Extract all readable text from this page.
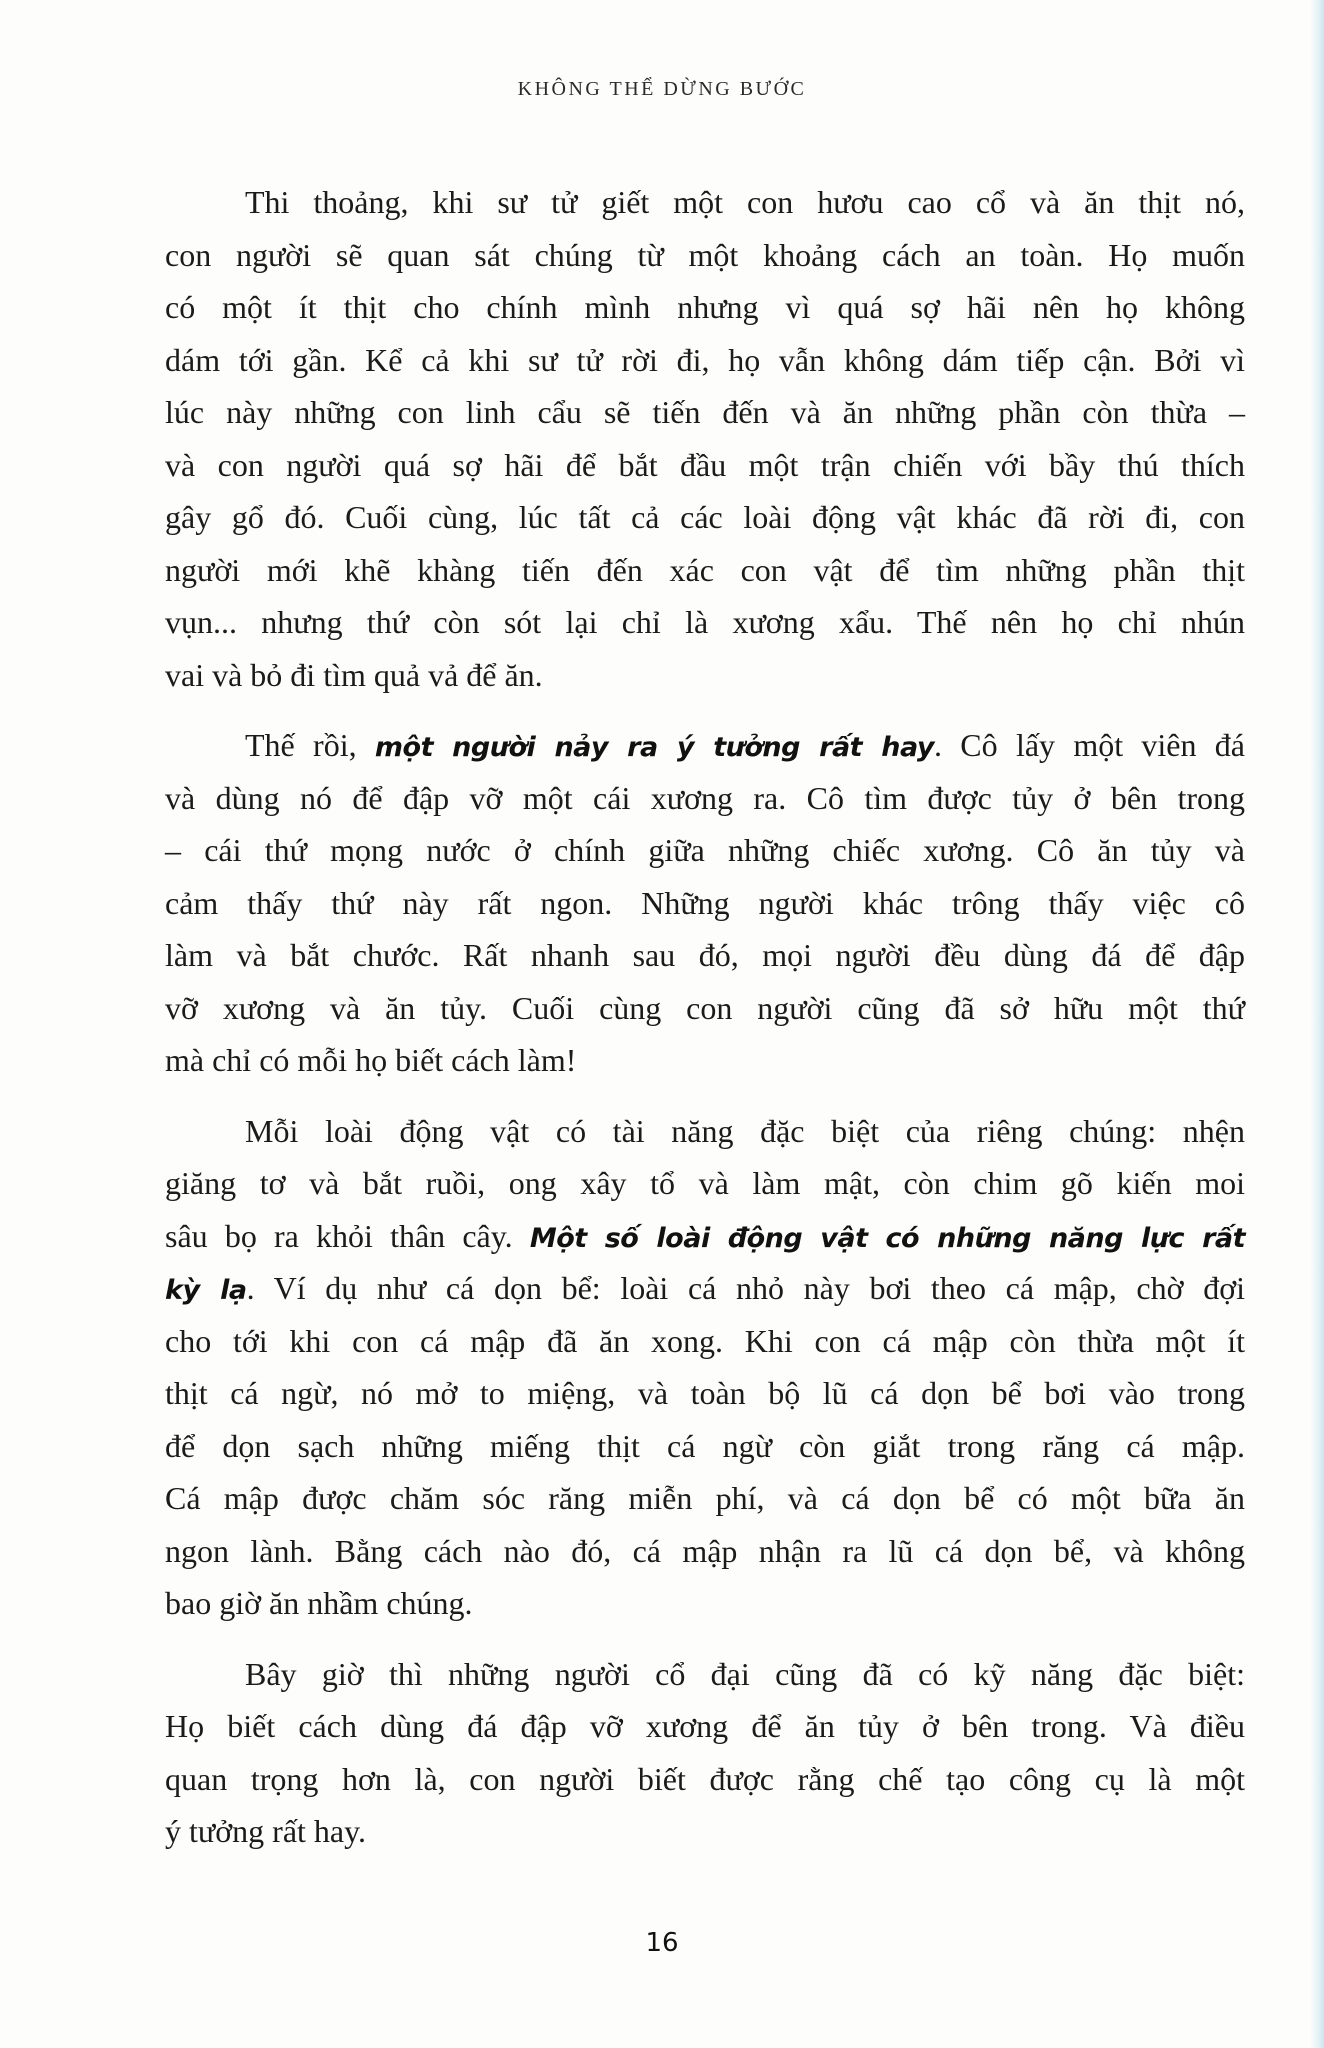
KHÔNG THỂ DỪNG BƯỚC
Thi thoảng, khi sư tử giết một con hươu cao cổ và ăn thịt nó,
con người sẽ quan sát chúng từ một khoảng cách an toàn. Họ muốn
có một ít thịt cho chính mình nhưng vì quá sợ hãi nên họ không
dám tới gần. Kể cả khi sư tử rời đi, họ vẫn không dám tiếp cận. Bởi vì
lúc này những con linh cẩu sẽ tiến đến và ăn những phần còn thừa –
và con người quá sợ hãi để bắt đầu một trận chiến với bầy thú thích
gây gổ đó. Cuối cùng, lúc tất cả các loài động vật khác đã rời đi, con
người mới khẽ khàng tiến đến xác con vật để tìm những phần thịt
vụn... nhưng thứ còn sót lại chỉ là xương xẩu. Thế nên họ chỉ nhún
vai và bỏ đi tìm quả vả để ăn.
Thế rồi, một người nảy ra ý tưởng rất hay. Cô lấy một viên đá
và dùng nó để đập vỡ một cái xương ra. Cô tìm được tủy ở bên trong
– cái thứ mọng nước ở chính giữa những chiếc xương. Cô ăn tủy và
cảm thấy thứ này rất ngon. Những người khác trông thấy việc cô
làm và bắt chước. Rất nhanh sau đó, mọi người đều dùng đá để đập
vỡ xương và ăn tủy. Cuối cùng con người cũng đã sở hữu một thứ
mà chỉ có mỗi họ biết cách làm!
Mỗi loài động vật có tài năng đặc biệt của riêng chúng: nhện
giăng tơ và bắt ruồi, ong xây tổ và làm mật, còn chim gõ kiến moi
sâu bọ ra khỏi thân cây. Một số loài động vật có những năng lực rất
kỳ lạ. Ví dụ như cá dọn bể: loài cá nhỏ này bơi theo cá mập, chờ đợi
cho tới khi con cá mập đã ăn xong. Khi con cá mập còn thừa một ít
thịt cá ngừ, nó mở to miệng, và toàn bộ lũ cá dọn bể bơi vào trong
để dọn sạch những miếng thịt cá ngừ còn giắt trong răng cá mập.
Cá mập được chăm sóc răng miễn phí, và cá dọn bể có một bữa ăn
ngon lành. Bằng cách nào đó, cá mập nhận ra lũ cá dọn bể, và không
bao giờ ăn nhầm chúng.
Bây giờ thì những người cổ đại cũng đã có kỹ năng đặc biệt:
Họ biết cách dùng đá đập vỡ xương để ăn tủy ở bên trong. Và điều
quan trọng hơn là, con người biết được rằng chế tạo công cụ là một
ý tưởng rất hay.
16
